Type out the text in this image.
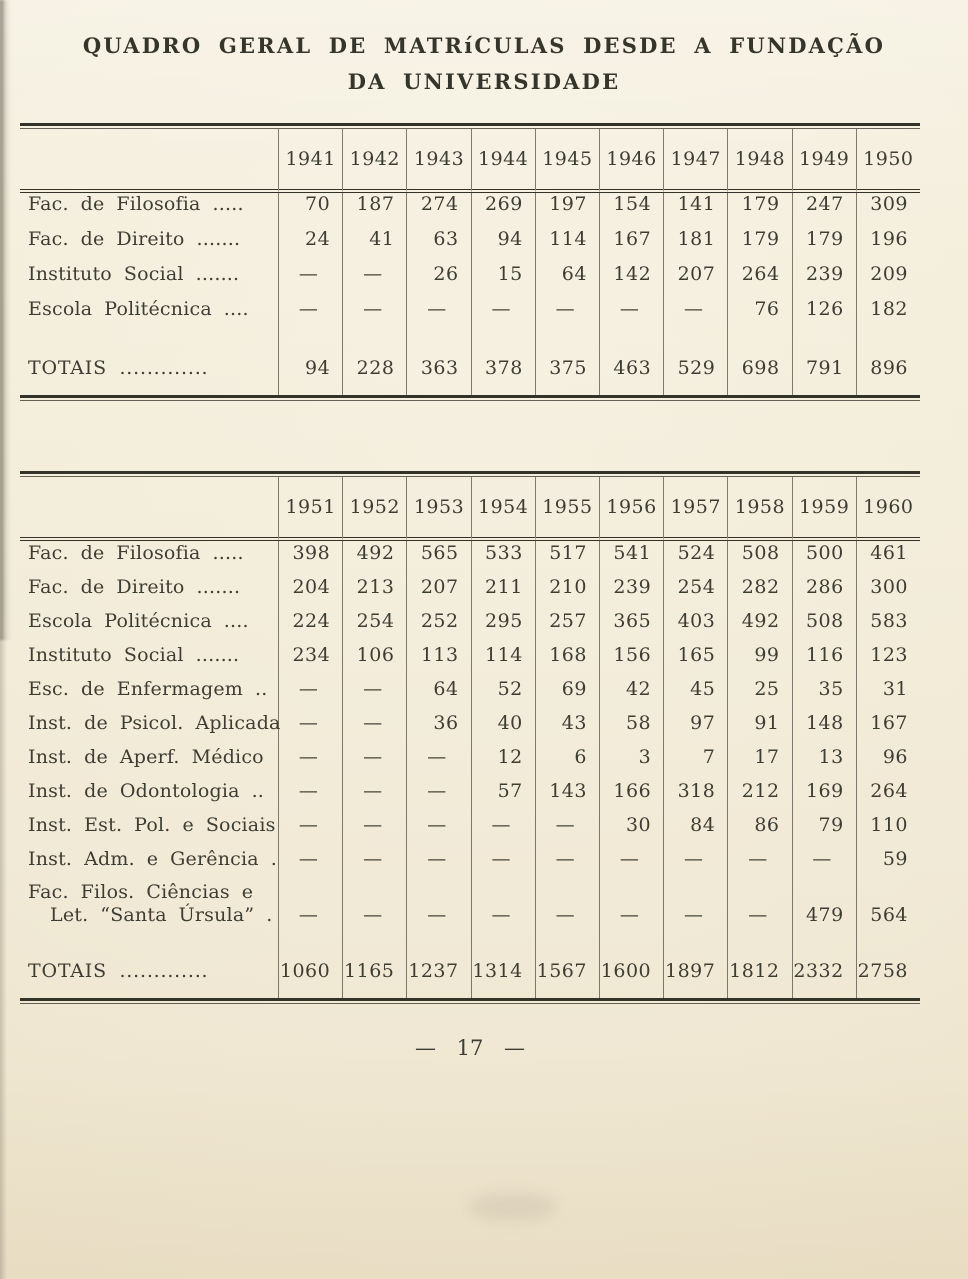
QUADRO GERAL DE MATRíCULAS DESDE A FUNDAÇÃO
DA UNIVERSIDADE
	1941	1942	1943	1944	1945	1946	1947	1948	1949	1950
Fac. de Filosofia .....	70	187	274	269	197	154	141	179	247	309
Fac. de Direito .......	24	41	63	94	114	167	181	179	179	196
Instituto Social .......	—	—	26	15	64	142	207	264	239	209
Escola Politécnica ....	—	—	—	—	—	—	—	76	126	182
TOTAIS .............	94	228	363	378	375	463	529	698	791	896
	1951	1952	1953	1954	1955	1956	1957	1958	1959	1960
Fac. de Filosofia .....	398	492	565	533	517	541	524	508	500	461
Fac. de Direito .......	204	213	207	211	210	239	254	282	286	300
Escola Politécnica ....	224	254	252	295	257	365	403	492	508	583
Instituto Social .......	234	106	113	114	168	156	165	99	116	123
Esc. de Enfermagem ..	—	—	64	52	69	42	45	25	35	31
Inst. de Psicol. Aplicada	—	—	36	40	43	58	97	91	148	167
Inst. de Aperf. Médico	—	—	—	12	6	3	7	17	13	96
Inst. de Odontologia ..	—	—	—	57	143	166	318	212	169	264
Inst. Est. Pol. e Sociais	—	—	—	—	—	30	84	86	79	110
Inst. Adm. e Gerência .	—	—	—	—	—	—	—	—	—	59
Fac. Filos. Ciências e
Let. “Santa Úrsula” .	—	—	—	—	—	—	—	—	479	564
TOTAIS .............	1060	1165	1237	1314	1567	1600	1897	1812	2332	2758
— 17 —
